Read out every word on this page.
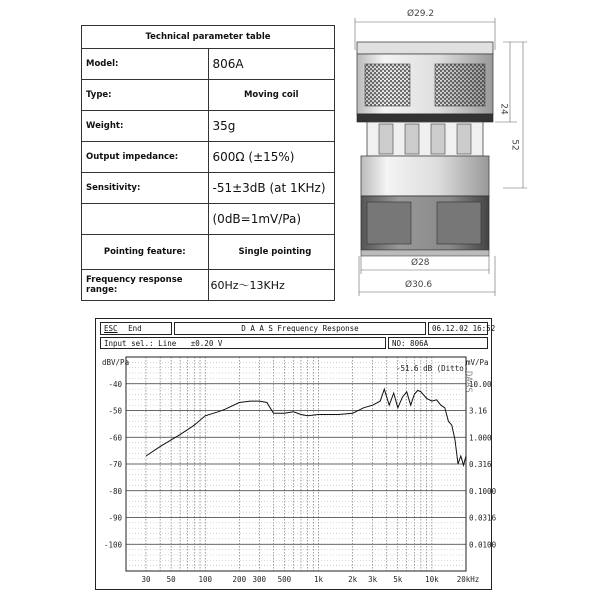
Technical parameter table	
Model:	806A
Type:	Moving coil
Weight:	35g
Output impedance:	600Ω (±15%)
Sensitivity:	-51±3dB (at 1KHz)
	(0dB=1mV/Pa)
Pointing feature:	Single pointing
Frequency response range:	60Hz～13KHz
Ø29.2
Ø28
Ø30.6
52
24
ESC End	D A A S Frequency Response	06.12.02 16:52
Input sel.: Line ±0.20 V	NO: 806A
-40
-50
-60
-70
-80
-90
-100
10.00
3.16
1.000
0.316
0.1000
0.0316
0.0100
30 50	100	200 300 500	1k	2k 3k 5k	10k 20kHz
dBV/Pa	mV/Pa
-51.6 dB (Ditto)
DAAS
